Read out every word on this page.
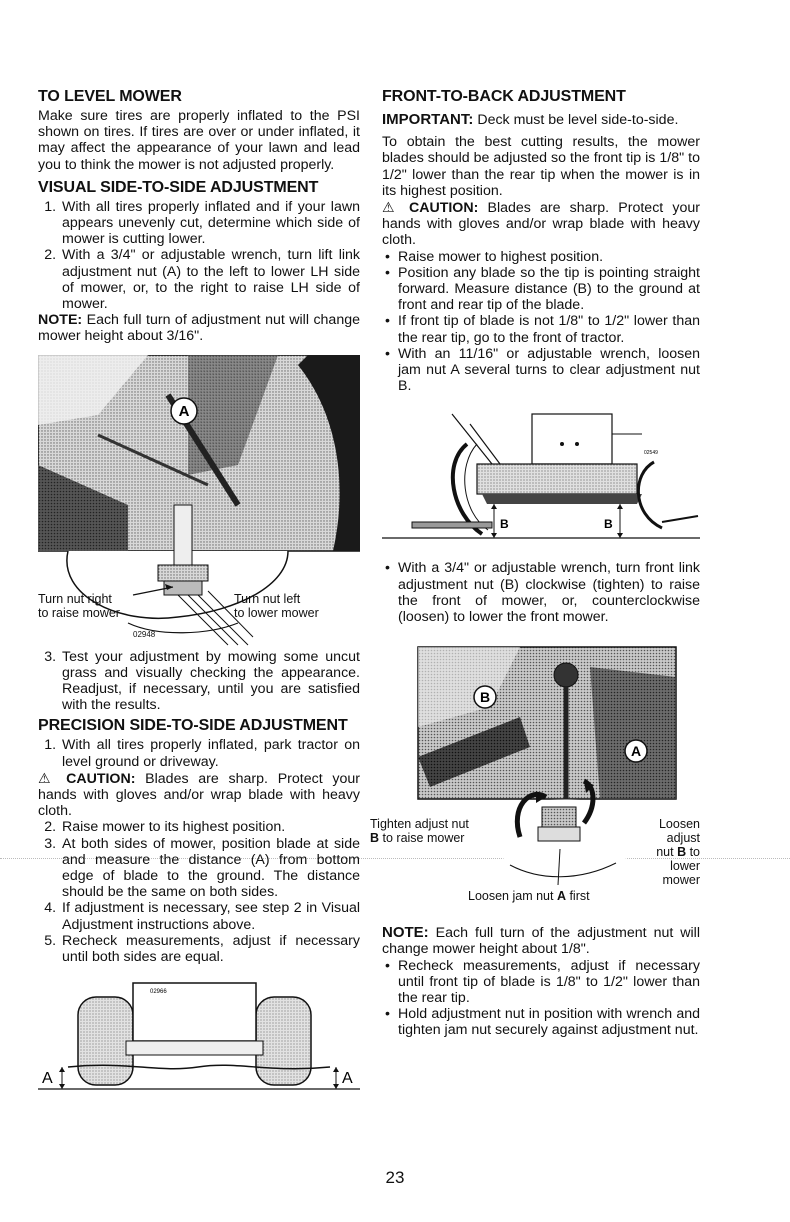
TO LEVEL MOWER

Make sure tires are properly inflated to the PSI shown on tires. If tires are over or under inflated, it may affect the appearance of your lawn and lead you to think the mower is not adjusted properly.

VISUAL SIDE-TO-SIDE ADJUSTMENT
1. With all tires properly inflated and if your lawn appears unevenly cut, determine which side of mower is cutting lower.
2. With a 3/4" or adjustable wrench, turn lift link adjustment nut (A) to the left to lower LH side of mower, or, to the right to raise LH side of mower.

NOTE: Each full turn of adjustment nut will change mower height about 3/16".

A
Turn nut right
to raise mower
Turn nut left
to lower mower
02948
3. Test your adjustment by mowing some uncut grass and visually checking the appearance. Readjust, if necessary, until you are satisfied with the results.
PRECISION SIDE-TO-SIDE ADJUSTMENT
1. With all tires properly inflated, park tractor on level ground or driveway.

⚠ CAUTION: Blades are sharp. Protect your hands with gloves and/or wrap blade with heavy cloth.

2. Raise mower to its highest position.
3. At both sides of mower, position blade at side and measure the distance (A) from bottom edge of blade to the ground. The distance should be the same on both sides.
4. If adjustment is necessary, see step 2 in Visual Adjustment instructions above.
5. Recheck measurements, adjust if necessary until both sides are equal.
A	A
02966
FRONT-TO-BACK ADJUSTMENT

IMPORTANT: Deck must be level side-to-side.

To obtain the best cutting results, the mower blades should be adjusted so the front tip is 1/8" to 1/2" lower than the rear tip when the mower is in its highest position.

⚠ CAUTION: Blades are sharp. Protect your hands with gloves and/or wrap blade with heavy cloth.

• Raise mower to highest position.
• Position any blade so the tip is pointing straight forward. Measure distance (B) to the ground at front and rear tip of the blade.
• If front tip of blade is not 1/8" to 1/2" lower than the rear tip, go to the front of tractor.
• With an 11/16" or adjustable wrench, loosen jam nut A several turns to clear adjustment nut B.
B	B
02549
• With a 3/4" or adjustable wrench, turn front link adjustment nut (B) clockwise (tighten) to raise the front of mower, or, counterclockwise (loosen) to lower the front mower.
B
A
Tighten adjust nut
B to raise mower
Loosen adjust
nut B to lower
mower
Loosen jam nut A first

NOTE: Each full turn of the adjustment nut will change mower height about 1/8".

• Recheck measurements, adjust if necessary until front tip of blade is 1/8" to 1/2" lower than the rear tip.
• Hold adjustment nut in position with wrench and tighten jam nut securely against adjustment nut.
23
